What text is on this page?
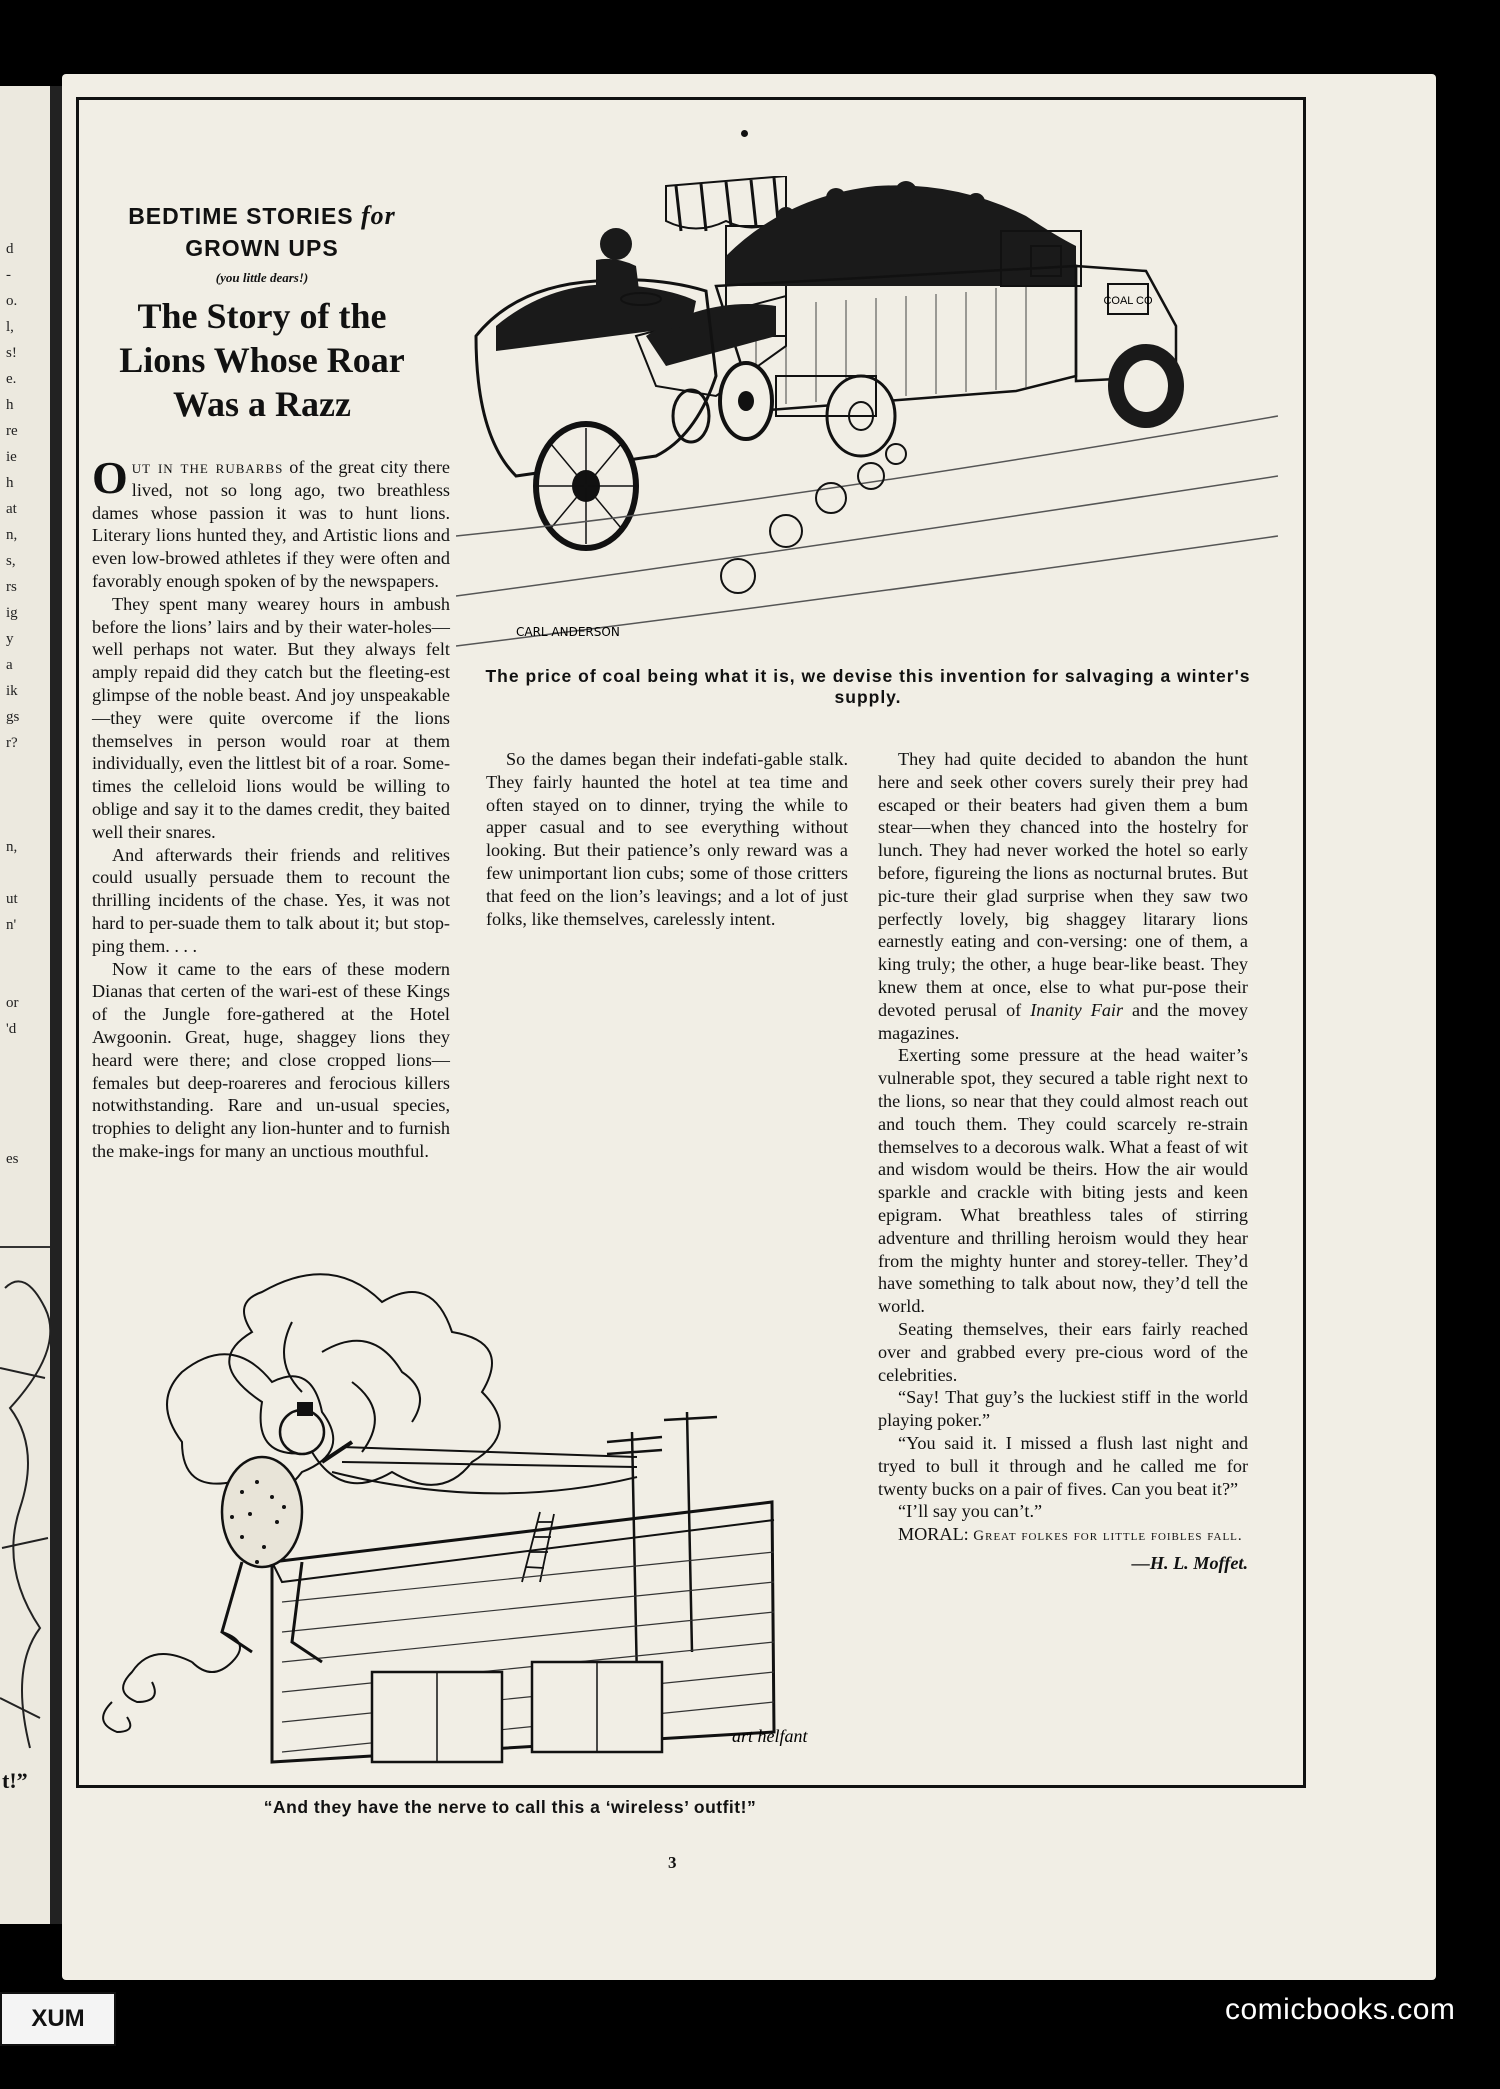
d
-
o.
l,
s!
e.
h
re
ie
h
at
n,
s,
rs
ig
y
a
ik
gs
r?
n,
ut
n'
or
'd
es
t!”
BEDTIME STORIES for
GROWN UPS
(you little dears!)
The Story of the Lions Whose Roar Was a Razz
COAL CO
CARL ANDERSON
The price of coal being what it is, we devise this invention for salvaging a winter's supply.

Out in the rubarbs of the great city there lived, not so long ago, two breathless dames whose passion it was to hunt lions. Literary lions hunted they, and Artistic lions and even low-browed athletes if they were often and favorably enough spoken of by the newspapers.

They spent many wearey hours in ambush before the lions’ lairs and by their water-holes—well perhaps not water. But they always felt amply repaid did they catch but the fleeting-est glimpse of the noble beast. And joy unspeakable—they were quite overcome if the lions themselves in person would roar at them individually, even the littlest bit of a roar. Some-times the celleloid lions would be willing to oblige and say it to the dames credit, they baited well their snares.

And afterwards their friends and relitives could usually persuade them to recount the thrilling incidents of the chase. Yes, it was not hard to per-suade them to talk about it; but stop-ping them. . . .

Now it came to the ears of these modern Dianas that certen of the wari-est of these Kings of the Jungle fore-gathered at the Hotel Awgoonin. Great, huge, shaggey lions they heard were there; and close cropped lions—females but deep-roareres and ferocious killers notwithstanding. Rare and un-usual species, trophies to delight any lion-hunter and to furnish the make-ings for many an unctious mouthful.

So the dames began their indefati-gable stalk. They fairly haunted the hotel at tea time and often stayed on to dinner, trying the while to apper casual and to see everything without looking. But their patience’s only reward was a few unimportant lion cubs; some of those critters that feed on the lion’s leavings; and a lot of just folks, like themselves, carelessly intent.

They had quite decided to abandon the hunt here and seek other covers surely their prey had escaped or their beaters had given them a bum stear—when they chanced into the hostelry for lunch. They had never worked the hotel so early before, figureing the lions as nocturnal brutes. But pic-ture their glad surprise when they saw two perfectly lovely, big shaggey litarary lions earnestly eating and con-versing: one of them, a king truly; the other, a huge bear-like beast. They knew them at once, else to what pur-pose their devoted perusal of Inanity Fair and the movey magazines.

Exerting some pressure at the head waiter’s vulnerable spot, they secured a table right next to the lions, so near that they could almost reach out and touch them. They could scarcely re-strain themselves to a decorous walk. What a feast of wit and wisdom would be theirs. How the air would sparkle and crackle with biting jests and keen epigram. What breathless tales of stirring adventure and thrilling heroism would they hear from the mighty hunter and storey-teller. They’d have something to talk about now, they’d tell the world.

Seating themselves, their ears fairly reached over and grabbed every pre-cious word of the celebrities.

“Say! That guy’s the luckiest stiff in the world playing poker.”

“You said it. I missed a flush last night and tryed to bull it through and he called me for twenty bucks on a pair of fives. Can you beat it?”

“I’ll say you can’t.”

MORAL: Great folkes for little foibles fall.

—H. L. Moffet.
art helfant
“And they have the nerve to call this a ‘wireless’ outfit!”
3
XUM	comicbooks.com
